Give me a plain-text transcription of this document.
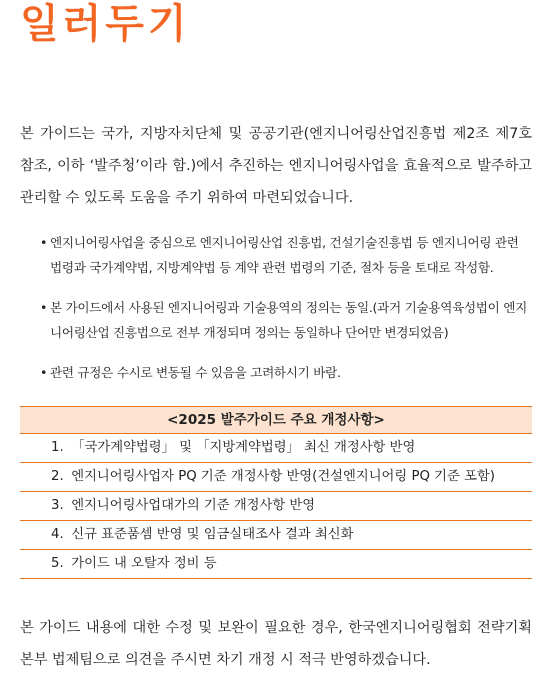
일러두기

본 가이드는 국가, 지방자치단체 및 공공기관(엔지니어링산업진흥법 제2조 제7호 참조, 이하 ‘발주청’이라 함.)에서 추진하는 엔지니어링사업을 효율적으로 발주하고 관리할 수 있도록 도움을 주기 위하여 마련되었습니다.

• 엔지니어링사업을 중심으로 엔지니어링산업 진흥법, 건설기술진흥법 등 엔지니어링 관련 법령과 국가계약법, 지방계약법 등 계약 관련 법령의 기준, 절차 등을 토대로 작성함.
• 본 가이드에서 사용된 엔지니어링과 기술용역의 정의는 동일.(과거 기술용역육성법이 엔지니어링산업 진흥법으로 전부 개정되며 정의는 동일하나 단어만 변경되었음)
• 관련 규정은 수시로 변동될 수 있음을 고려하시기 바람.
<2025 발주가이드 주요 개정사항>
1. 「국가계약법령」 및 「지방계약법령」 최신 개정사항 반영
2. 엔지니어링사업자 PQ 기준 개정사항 반영(건설엔지니어링 PQ 기준 포함)
3. 엔지니어링사업대가의 기준 개정사항 반영
4. 신규 표준품셈 반영 및 임금실태조사 결과 최신화
5. 가이드 내 오탈자 정비 등

본 가이드 내용에 대한 수정 및 보완이 필요한 경우, 한국엔지니어링협회 전략기획본부 법제팀으로 의견을 주시면 차기 개정 시 적극 반영하겠습니다.
